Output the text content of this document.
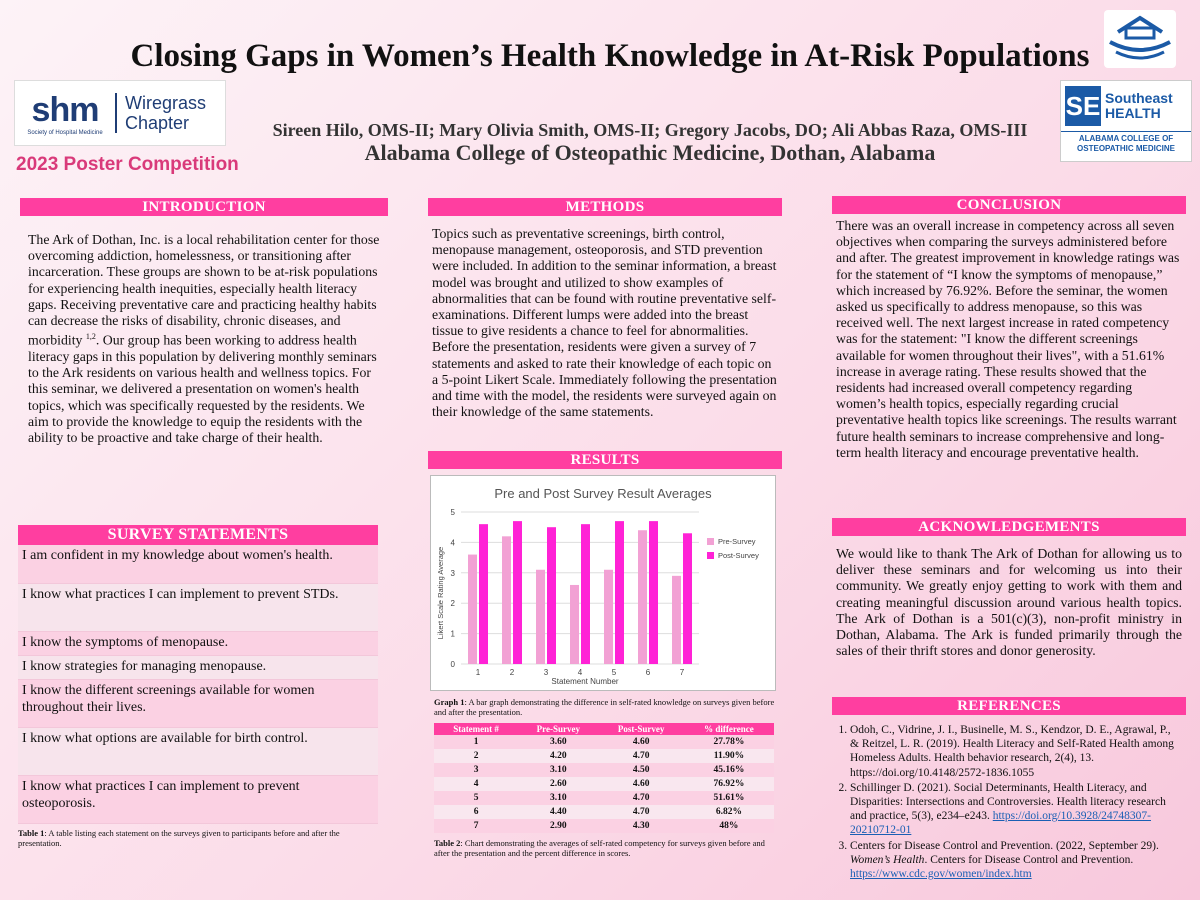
Closing Gaps in Women’s Health Knowledge in At-Risk Populations
Sireen Hilo, OMS-II; Mary Olivia Smith, OMS-II; Gregory Jacobs, DO; Ali Abbas Raza, OMS-III
Alabama College of Osteopathic Medicine, Dothan, Alabama
shm
Society of Hospital Medicine
Wiregrass
Chapter
2023 Poster Competition
SE Southeast
HEALTH
ALABAMA COLLEGE OF
OSTEOPATHIC MEDICINE
INTRODUCTION
The Ark of Dothan, Inc. is a local rehabilitation center for those overcoming addiction, homelessness, or transitioning after incarceration. These groups are shown to be at-risk populations for experiencing health inequities, especially health literacy gaps. Receiving preventative care and practicing healthy habits can decrease the risks of disability, chronic diseases, and morbidity $^{1,2}$. Our group has been working to address health literacy gaps in this population by delivering monthly seminars to the Ark residents on various health and wellness topics. For this seminar, we delivered a presentation on women's health topics, which was specifically requested by the residents. We aim to provide the knowledge to equip the residents with the ability to be proactive and take charge of their health.
SURVEY STATEMENTS
I am confident in my knowledge about women's health.
I know what practices I can implement to prevent STDs.
I know the symptoms of menopause.
I know strategies for managing menopause.
I know the different screenings available for women throughout their lives.
I know what options are available for birth control.
I know what practices I can implement to prevent osteoporosis.
Table 1: A table listing each statement on the surveys given to participants before and after the presentation.
METHODS
Topics such as preventative screenings, birth control, menopause management, osteoporosis, and STD prevention were included. In addition to the seminar information, a breast model was brought and utilized to show examples of abnormalities that can be found with routine preventative self-examinations. Different lumps were added into the breast tissue to give residents a chance to feel for abnormalities. Before the presentation, residents were given a survey of 7 statements and asked to rate their knowledge of each topic on a 5-point Likert Scale. Immediately following the presentation and time with the model, the residents were surveyed again on their knowledge of the same statements.
RESULTS
Pre and Post Survey Result Averages
Statement Number
Likert Scale Rating Average
1	2	3	4	5	6	7
0
1
2
3
4
5
Pre-Survey
Post-Survey
Graph 1: A bar graph demonstrating the difference in self-rated knowledge on surveys given before and after the presentation.
Statement #	Pre-Survey	Post-Survey	% difference
1	3.60	4.60	27.78%
2	4.20	4.70	11.90%
3	3.10	4.50	45.16%
4	2.60	4.60	76.92%
5	3.10	4.70	51.61%
6	4.40	4.70	6.82%
7	2.90	4.30	48%
Table 2: Chart demonstrating the averages of self-rated competency for surveys given before and after the presentation and the percent difference in scores.
CONCLUSION
There was an overall increase in competency across all seven objectives when comparing the surveys administered before and after. The greatest improvement in knowledge ratings was for the statement of “I know the symptoms of menopause,” which increased by 76.92%. Before the seminar, the women asked us specifically to address menopause, so this was received well. The next largest increase in rated competency was for the statement: "I know the different screenings available for women throughout their lives", with a 51.61% increase in average rating. These results showed that the residents had increased overall competency regarding women’s health topics, especially regarding crucial preventative health topics like screenings. The results warrant future health seminars to increase comprehensive and long-term health literacy and encourage preventative health.
ACKNOWLEDGEMENTS
We would like to thank The Ark of Dothan for allowing us to deliver these seminars and for welcoming us into their community. We greatly enjoy getting to work with them and creating meaningful discussion around various health topics. The Ark of Dothan is a 501(c)(3), non-profit ministry in Dothan, Alabama. The Ark is funded primarily through the sales of their thrift stores and donor generosity.
REFERENCES
1. Odoh, C., Vidrine, J. I., Businelle, M. S., Kendzor, D. E., Agrawal, P., & Reitzel, L. R. (2019). Health Literacy and Self-Rated Health among Homeless Adults. Health behavior research, 2(4), 13. https://doi.org/10.4148/2572-1836.1055
2. Schillinger D. (2021). Social Determinants, Health Literacy, and Disparities: Intersections and Controversies. Health literacy research and practice, 5(3), e234–e243. https://doi.org/10.3928/24748307-20210712-01
3. Centers for Disease Control and Prevention. (2022, September 29). Women’s Health. Centers for Disease Control and Prevention. https://www.cdc.gov/women/index.htm
